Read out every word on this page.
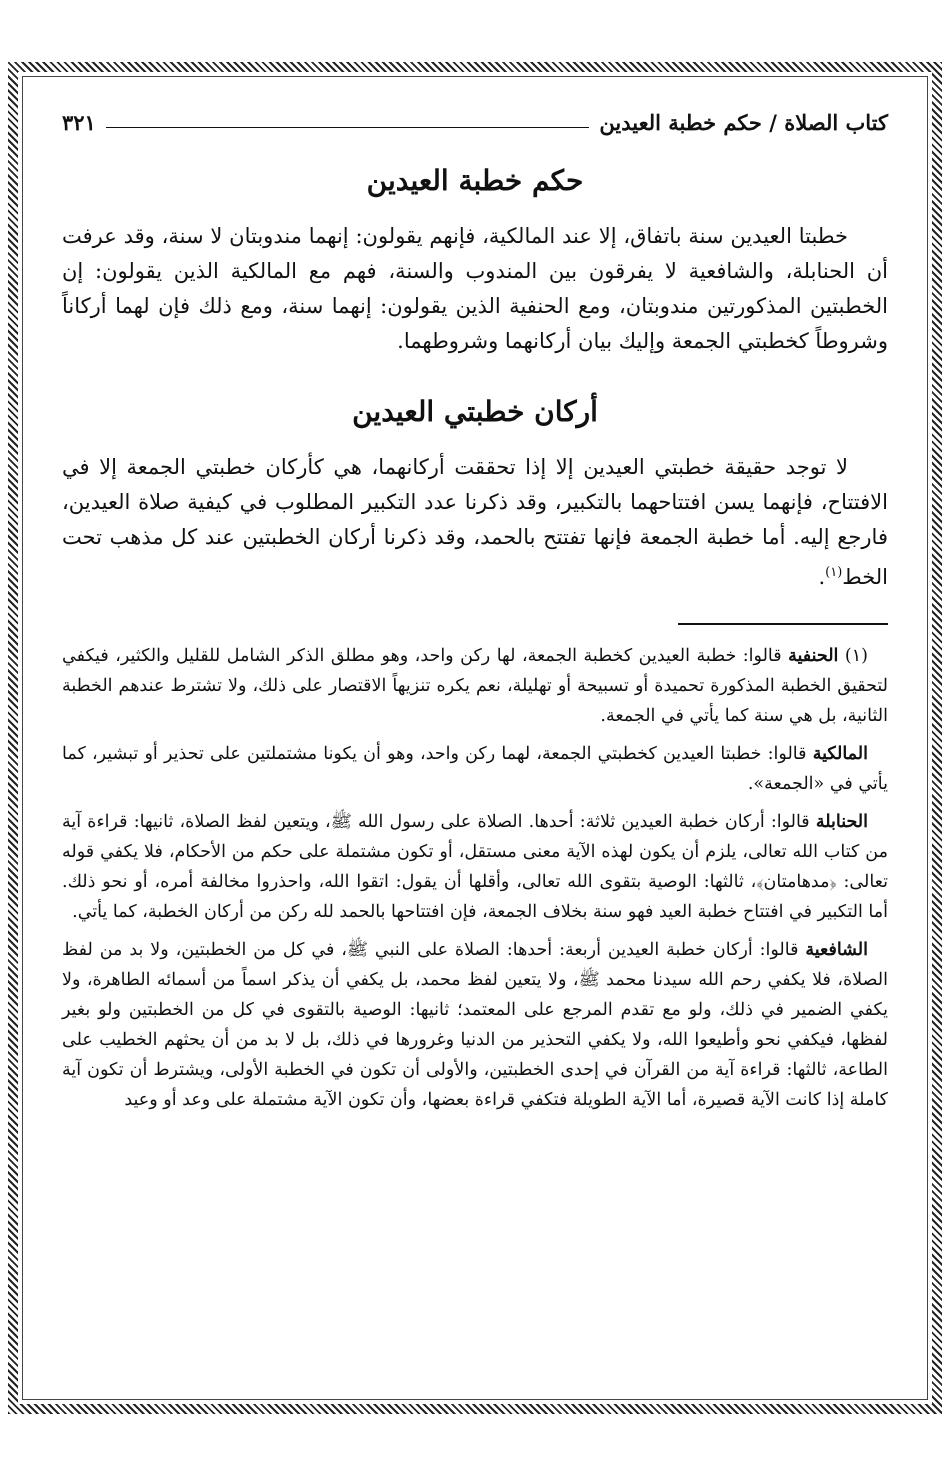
كتاب الصلاة / حكم خطبة العيدين
٣٢١
حكم خطبة العيدين

خطبتا العيدين سنة باتفاق، إلا عند المالكية، فإنهم يقولون: إنهما مندوبتان لا سنة، وقد عرفت أن الحنابلة، والشافعية لا يفرقون بين المندوب والسنة، فهم مع المالكية الذين يقولون: إن الخطبتين المذكورتين مندوبتان، ومع الحنفية الذين يقولون: إنهما سنة، ومع ذلك فإن لهما أركاناً وشروطاً كخطبتي الجمعة وإليك بيان أركانهما وشروطهما.

أركان خطبتي العيدين

لا توجد حقيقة خطبتي العيدين إلا إذا تحققت أركانهما، هي كأركان خطبتي الجمعة إلا في الافتتاح، فإنهما يسن افتتاحهما بالتكبير، وقد ذكرنا عدد التكبير المطلوب في كيفية صلاة العيدين، فارجع إليه. أما خطبة الجمعة فإنها تفتتح بالحمد، وقد ذكرنا أركان الخطبتين عند كل مذهب تحت الخط$^{(١)}$.

(١) الحنفية قالوا: خطبة العيدين كخطبة الجمعة، لها ركن واحد، وهو مطلق الذكر الشامل للقليل والكثير، فيكفي لتحقيق الخطبة المذكورة تحميدة أو تسبيحة أو تهليلة، نعم يكره تنزيهاً الاقتصار على ذلك، ولا تشترط عندهم الخطبة الثانية، بل هي سنة كما يأتي في الجمعة.

المالكية قالوا: خطبتا العيدين كخطبتي الجمعة، لهما ركن واحد، وهو أن يكونا مشتملتين على تحذير أو تبشير، كما يأتي في «الجمعة».

الحنابلة قالوا: أركان خطبة العيدين ثلاثة: أحدها. الصلاة على رسول الله ﷺ، ويتعين لفظ الصلاة، ثانيها: قراءة آية من كتاب الله تعالى، يلزم أن يكون لهذه الآية معنى مستقل، أو تكون مشتملة على حكم من الأحكام، فلا يكفي قوله تعالى: ﴿مدهامتان﴾، ثالثها: الوصية بتقوى الله تعالى، وأقلها أن يقول: اتقوا الله، واحذروا مخالفة أمره، أو نحو ذلك. أما التكبير في افتتاح خطبة العيد فهو سنة بخلاف الجمعة، فإن افتتاحها بالحمد لله ركن من أركان الخطبة، كما يأتي.

الشافعية قالوا: أركان خطبة العيدين أربعة: أحدها: الصلاة على النبي ﷺ، في كل من الخطبتين، ولا بد من لفظ الصلاة، فلا يكفي رحم الله سيدنا محمد ﷺ، ولا يتعين لفظ محمد، بل يكفي أن يذكر اسماً من أسمائه الطاهرة، ولا يكفي الضمير في ذلك، ولو مع تقدم المرجع على المعتمد؛ ثانيها: الوصية بالتقوى في كل من الخطبتين ولو بغير لفظها، فيكفي نحو وأطيعوا الله، ولا يكفي التحذير من الدنيا وغرورها في ذلك، بل لا بد من أن يحثهم الخطيب على الطاعة، ثالثها: قراءة آية من القرآن في إحدى الخطبتين، والأولى أن تكون في الخطبة الأولى، ويشترط أن تكون آية كاملة إذا كانت الآية قصيرة، أما الآية الطويلة فتكفي قراءة بعضها، وأن تكون الآية مشتملة على وعد أو وعيد
